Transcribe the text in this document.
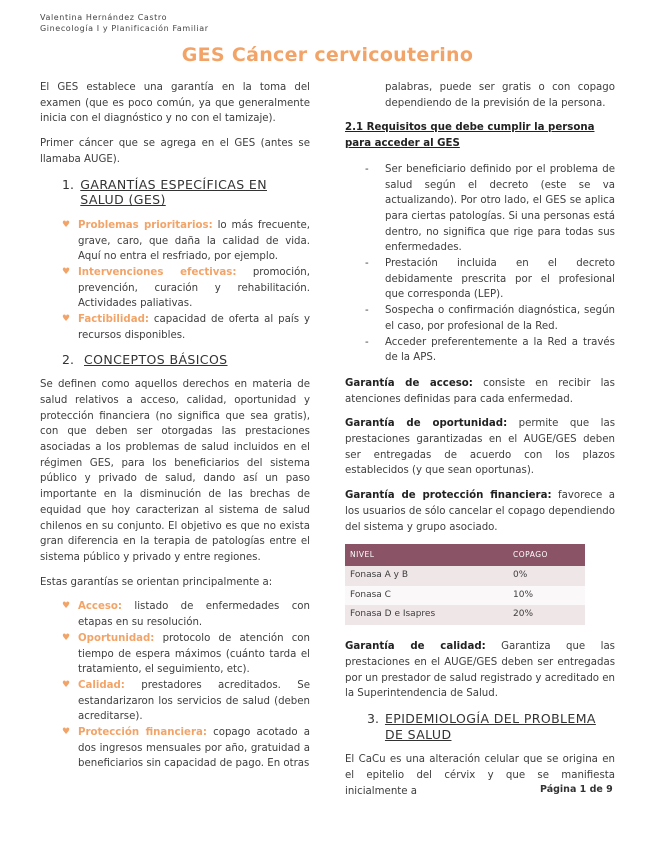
Valentina Hernández Castro
Ginecología I y Planificación Familiar
GES Cáncer cervicouterino

El GES establece una garantía en la toma del examen (que es poco común, ya que generalmente inicia con el diagnóstico y no con el tamizaje).

Primer cáncer que se agrega en el GES (antes se llamaba AUGE).

1. GARANTÍAS ESPECÍFICAS EN SALUD (GES)
♥ Problemas prioritarios: lo más frecuente, grave, caro, que daña la calidad de vida. Aquí no entra el resfriado, por ejemplo.
♥ Intervenciones efectivas: promoción, prevención, curación y rehabilitación. Actividades paliativas.
♥ Factibilidad: capacidad de oferta al país y recursos disponibles.
2. CONCEPTOS BÁSICOS

Se definen como aquellos derechos en materia de salud relativos a acceso, calidad, oportunidad y protección financiera (no significa que sea gratis), con que deben ser otorgadas las prestaciones asociadas a los problemas de salud incluidos en el régimen GES, para los beneficiarios del sistema público y privado de salud, dando así un paso importante en la disminución de las brechas de equidad que hoy caracterizan al sistema de salud chilenos en su conjunto. El objetivo es que no exista gran diferencia en la terapia de patologías entre el sistema público y privado y entre regiones.

Estas garantías se orientan principalmente a:

♥ Acceso: listado de enfermedades con etapas en su resolución.
♥ Oportunidad: protocolo de atención con tiempo de espera máximos (cuánto tarda el tratamiento, el seguimiento, etc).
♥ Calidad: prestadores acreditados. Se estandarizaron los servicios de salud (deben acreditarse).
♥ Protección financiera: copago acotado a dos ingresos mensuales por año, gratuidad a beneficiarios sin capacidad de pago. En otras

palabras, puede ser gratis o con copago dependiendo de la previsión de la persona.

2.1 Requisitos que debe cumplir la persona para acceder al GES
- Ser beneficiario definido por el problema de salud según el decreto (este se va actualizando). Por otro lado, el GES se aplica para ciertas patologías. Si una personas está dentro, no significa que rige para todas sus enfermedades.
- Prestación incluida en el decreto debidamente prescrita por el profesional que corresponda (LEP).
- Sospecha o confirmación diagnóstica, según el caso, por profesional de la Red.
- Acceder preferentemente a la Red a través de la APS.

Garantía de acceso: consiste en recibir las atenciones definidas para cada enfermedad.

Garantía de oportunidad: permite que las prestaciones garantizadas en el AUGE/GES deben ser entregadas de acuerdo con los plazos establecidos (y que sean oportunas).

Garantía de protección financiera: favorece a los usuarios de sólo cancelar el copago dependiendo del sistema y grupo asociado.

NIVEL	COPAGO
Fonasa A y B	0%
Fonasa C	10%
Fonasa D e Isapres	20%

Garantía de calidad: Garantiza que las prestaciones en el AUGE/GES deben ser entregadas por un prestador de salud registrado y acreditado en la Superintendencia de Salud.

3. EPIDEMIOLOGÍA DEL PROBLEMA DE SALUD

El CaCu es una alteración celular que se origina en el epitelio del cérvix y que se manifiesta inicialmente a	Página 1 de 9
